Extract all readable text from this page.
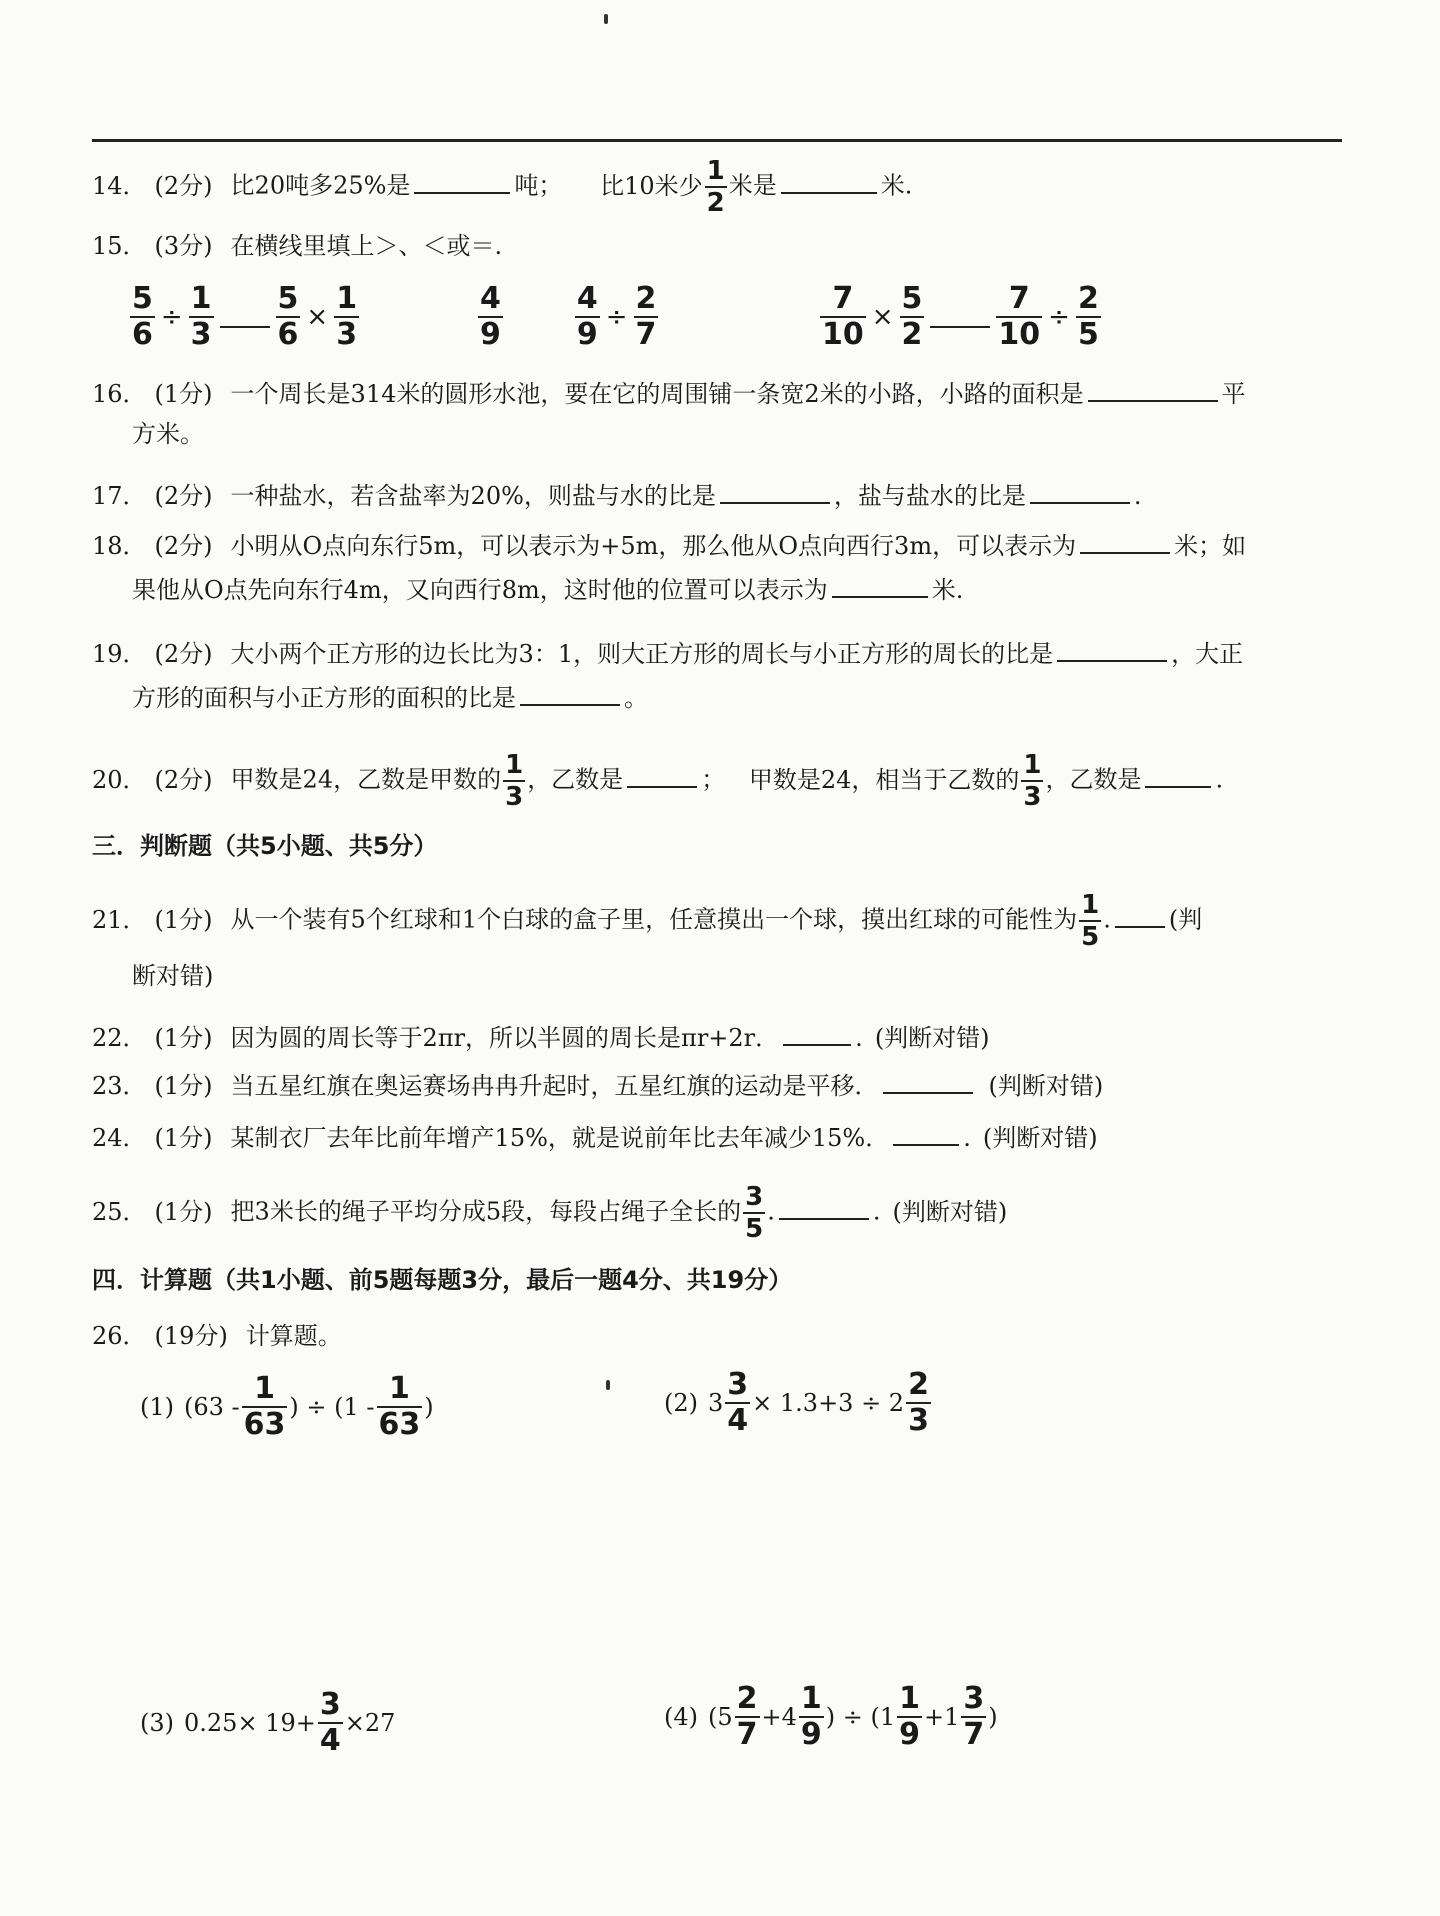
14． (2分) 比20吨多25%是	吨； 比10米少 $\frac{1}{2}$ 米是	米.
15． (3分) 在横线里填上＞、＜或＝.
$\frac{5}{6} \div \frac{1}{3} \frac{5}{6} \times \frac{1}{3}$	$\frac{4}{9} \frac{4}{9} \div \frac{2}{7}$	$\frac{7}{10} \times \frac{5}{2} \frac{7}{10} \div \frac{2}{5}$
16． (1分) 一个周长是314米的圆形水池，要在它的周围铺一条宽2米的小路，小路的面积是	平
方米。
17． (2分) 一种盐水，若含盐率为20%，则盐与水的比是	，盐与盐水的比是	.
18． (2分) 小明从O点向东行5m，可以表示为+5m，那么他从O点向西行3m，可以表示为	米；如
果他从O点先向东行4m，又向西行8m，这时他的位置可以表示为	米.
19． (2分) 大小两个正方形的边长比为3：1，则大正方形的周长与小正方形的周长的比是	，大正
方形的面积与小正方形的面积的比是	。
20． (2分) 甲数是24，乙数是甲数的 $\frac{1}{3}$ ，乙数是	； 甲数是24，相当于乙数的 $\frac{1}{3}$ ，乙数是	.
三．判断题（共5小题、共5分）
21． (1分) 从一个装有5个红球和1个白球的盒子里，任意摸出一个球，摸出红球的可能性为 $\frac{1}{5}$ . (判
断对错)
22． (1分) 因为圆的周长等于2πr，所以半圆的周长是πr+2r．	. (判断对错)
23． (1分) 当五星红旗在奥运赛场冉冉升起时，五星红旗的运动是平移．	(判断对错)
24． (1分) 某制衣厂去年比前年增产15%，就是说前年比去年减少15%．	. (判断对错)
25． (1分) 把3米长的绳子平均分成5段，每段占绳子全长的 $\frac{3}{5}$ .	. (判断对错)
四．计算题（共1小题、前5题每题3分，最后一题4分、共19分）
26． (19分) 计算题。
(1) ($63 - \frac{1}{63}$ ) ÷ ($1 - \frac{1}{63}$ )	(2) $3 \frac{3}{4} \times 1.3+3 \div 2 \frac{2}{3}$
(3) $0.25\times 19+ \frac{3}{4} \times 27$	(4) ($5 \frac{2}{7} +4 \frac{1}{9}$ ) ÷ ($1 \frac{1}{9} +1 \frac{3}{7}$ )
